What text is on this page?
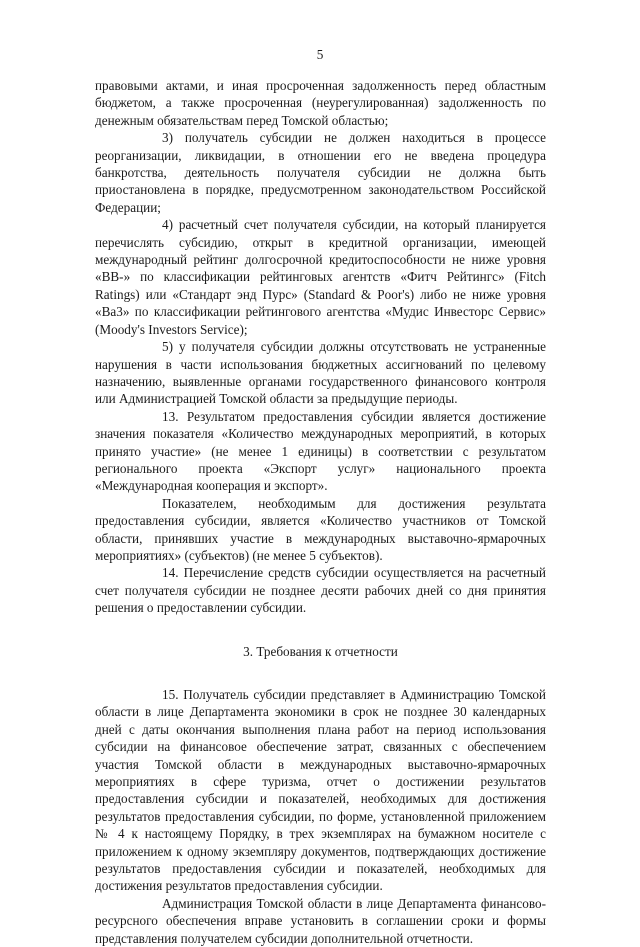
5

правовыми актами, и иная просроченная задолженность перед областным бюджетом, а также просроченная (неурегулированная) задолженность по денежным обязательствам перед Томской областью;

3) получатель субсидии не должен находиться в процессе реорганизации, ликвидации, в отношении его не введена процедура банкротства, деятельность получателя субсидии не должна быть приостановлена в порядке, предусмотренном законодательством Российской Федерации;

4) расчетный счет получателя субсидии, на который планируется перечислять субсидию, открыт в кредитной организации, имеющей международный рейтинг долгосрочной кредитоспособности не ниже уровня «BB-» по классификации рейтинговых агентств «Фитч Рейтингс» (Fitch Ratings) или «Стандарт энд Пурс» (Standard & Poor's) либо не ниже уровня «Ba3» по классификации рейтингового агентства «Мудис Инвесторс Сервис» (Moody's Investors Service);

5) у получателя субсидии должны отсутствовать не устраненные нарушения в части использования бюджетных ассигнований по целевому назначению, выявленные органами государственного финансового контроля или Администрацией Томской области за предыдущие периоды.

13. Результатом предоставления субсидии является достижение значения показателя «Количество международных мероприятий, в которых принято участие» (не менее 1 единицы) в соответствии с результатом регионального проекта «Экспорт услуг» национального проекта «Международная кооперация и экспорт».

Показателем, необходимым для достижения результата предоставления субсидии, является «Количество участников от Томской области, принявших участие в международных выставочно-ярмарочных мероприятиях» (субъектов) (не менее 5 субъектов).

14. Перечисление средств субсидии осуществляется на расчетный счет получателя субсидии не позднее десяти рабочих дней со дня принятия решения о предоставлении субсидии.

3. Требования к отчетности

15. Получатель субсидии представляет в Администрацию Томской области в лице Департамента экономики в срок не позднее 30 календарных дней с даты окончания выполнения плана работ на период использования субсидии на финансовое обеспечение затрат, связанных с обеспечением участия Томской области в международных выставочно-ярмарочных мероприятиях в сфере туризма, отчет о достижении результатов предоставления субсидии и показателей, необходимых для достижения результатов предоставления субсидии, по форме, установленной приложением № 4 к настоящему Порядку, в трех экземплярах на бумажном носителе с приложением к одному экземпляру документов, подтверждающих достижение результатов предоставления субсидии и показателей, необходимых для достижения результатов предоставления субсидии.

Администрация Томской области в лице Департамента финансово-ресурсного обеспечения вправе установить в соглашении сроки и формы представления получателем субсидии дополнительной отчетности.
